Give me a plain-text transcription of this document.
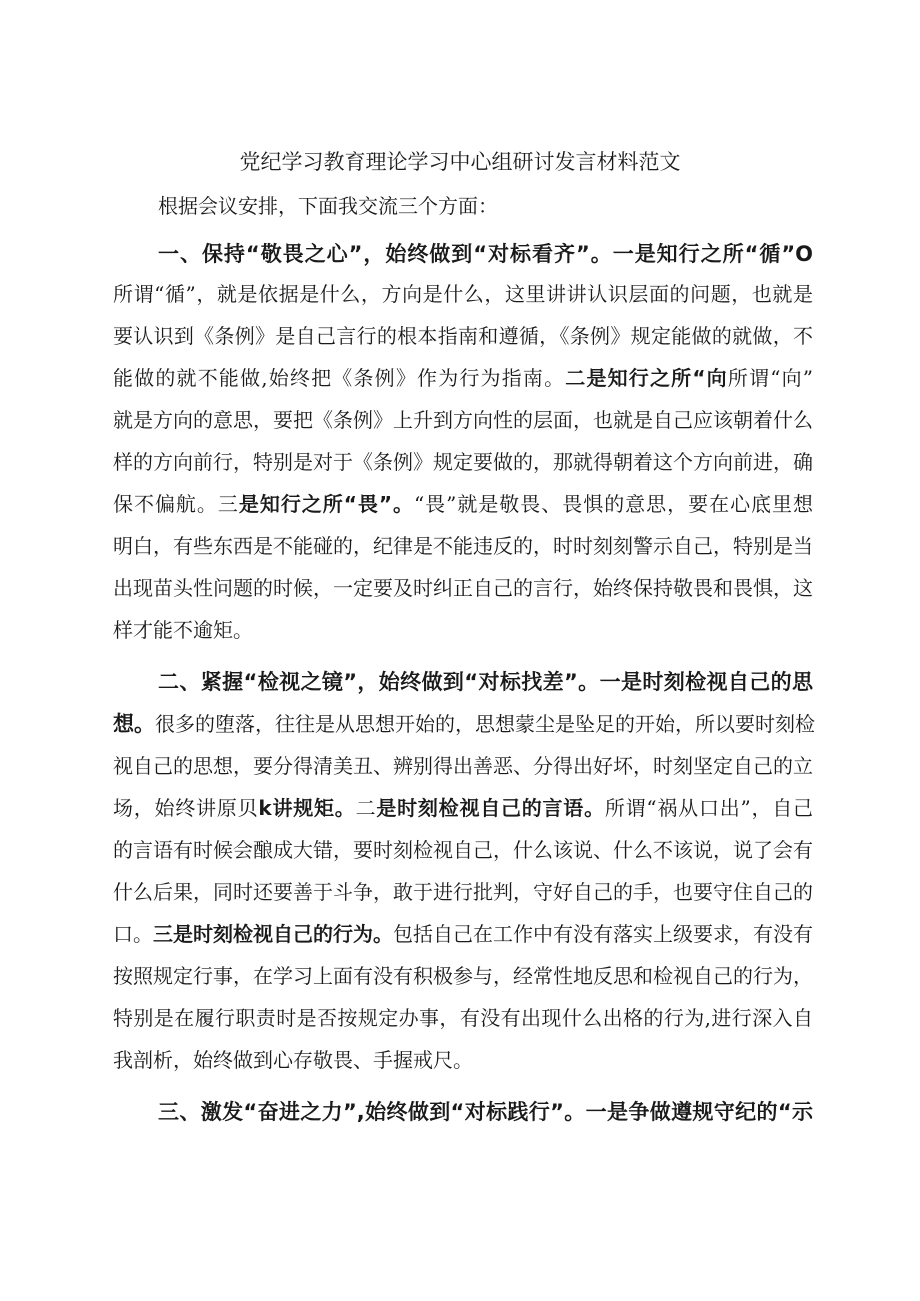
党纪学习教育理论学习中心组研讨发言材料范文
根据会议安排，下面我交流三个方面：
一、保持“敬畏之心”，始终做到“对标看齐”。一是知行之所“循”O
所谓“循”，就是依据是什么，方向是什么，这里讲讲认识层面的问题，也就是
要认识到《条例》是自己言行的根本指南和遵循，《条例》规定能做的就做，不
能做的就不能做,始终把《条例》作为行为指南。二是知行之所“向所谓“向”
就是方向的意思，要把《条例》上升到方向性的层面，也就是自己应该朝着什么
样的方向前行，特别是对于《条例》规定要做的，那就得朝着这个方向前进，确
保不偏航。三是知行之所“畏”。“畏”就是敬畏、畏惧的意思，要在心底里想
明白，有些东西是不能碰的，纪律是不能违反的，时时刻刻警示自己，特别是当
出现苗头性问题的时候，一定要及时纠正自己的言行，始终保持敬畏和畏惧，这
样才能不逾矩。
二、紧握“检视之镜”，始终做到“对标找差”。一是时刻检视自己的思
想。很多的堕落，往往是从思想开始的，思想蒙尘是坠足的开始，所以要时刻检
视自己的思想，要分得清美丑、辨别得出善恶、分得出好坏，时刻坚定自己的立
场，始终讲原贝k讲规矩。二是时刻检视自己的言语。所谓“祸从口出”，自己
的言语有时候会酿成大错，要时刻检视自己，什么该说、什么不该说，说了会有
什么后果，同时还要善于斗争，敢于进行批判，守好自己的手，也要守住自己的
口。三是时刻检视自己的行为。包括自己在工作中有没有落实上级要求，有没有
按照规定行事，在学习上面有没有积极参与，经常性地反思和检视自己的行为，
特别是在履行职责时是否按规定办事，有没有出现什么出格的行为,进行深入自
我剖析，始终做到心存敬畏、手握戒尺。
三、激发“奋进之力”,始终做到“对标践行”。一是争做遵规守纪的“示
